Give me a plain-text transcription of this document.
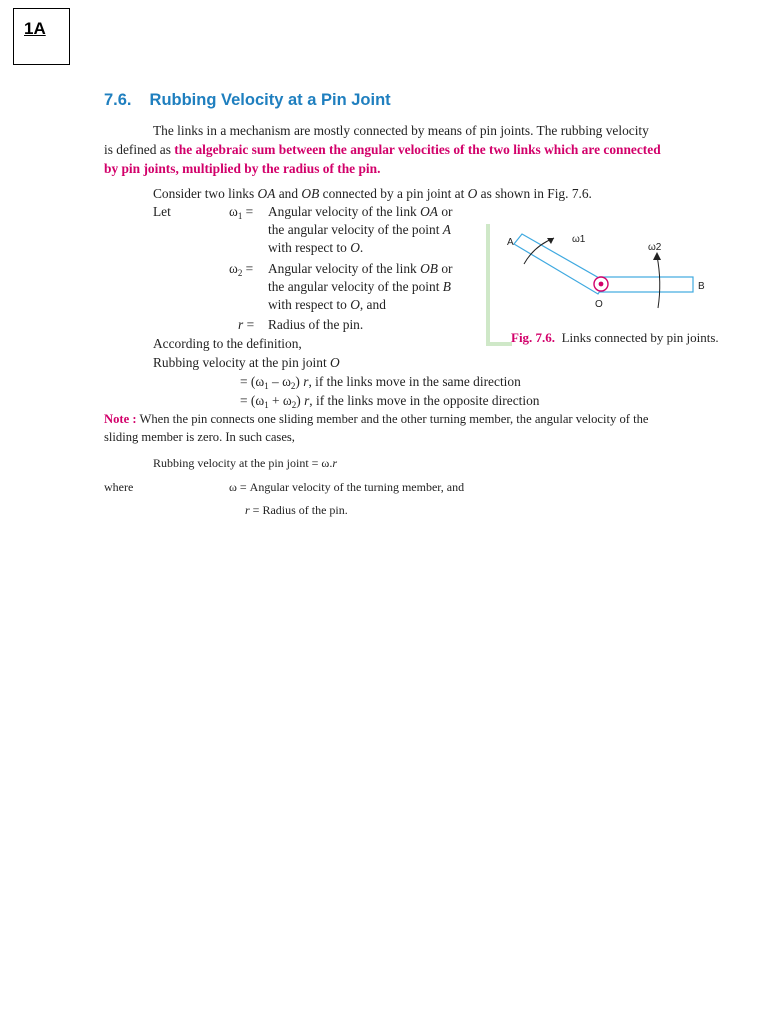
1A
7.6. Rubbing Velocity at a Pin Joint
The links in a mechanism are mostly connected by means of pin joints. The rubbing velocity
is defined as the algebraic sum between the angular velocities of the two links which are connected
by pin joints, multiplied by the radius of the pin.
Consider two links OA and OB connected by a pin joint at O as shown in Fig. 7.6.
Let	$\omega_1$ = Angular velocity of the link OA or
the angular velocity of the point A
with respect to O.
$\omega_2$ = Angular velocity of the link OB or
the angular velocity of the point B
with respect to O, and
r = Radius of the pin.
According to the definition,
Rubbing velocity at the pin joint O
= $(\omega_1 - \omega_2)$ r, if the links move in the same direction
= $(\omega_1 + \omega_2)$ r, if the links move in the opposite direction
Note : When the pin connects one sliding member and the other turning member, the angular velocity of the
sliding member is zero. In such cases,
Rubbing velocity at the pin joint = ω.r
where	ω = Angular velocity of the turning member, and
r = Radius of the pin.
A
B
O
ω1
ω2
Fig. 7.6. Links connected by pin joints.
